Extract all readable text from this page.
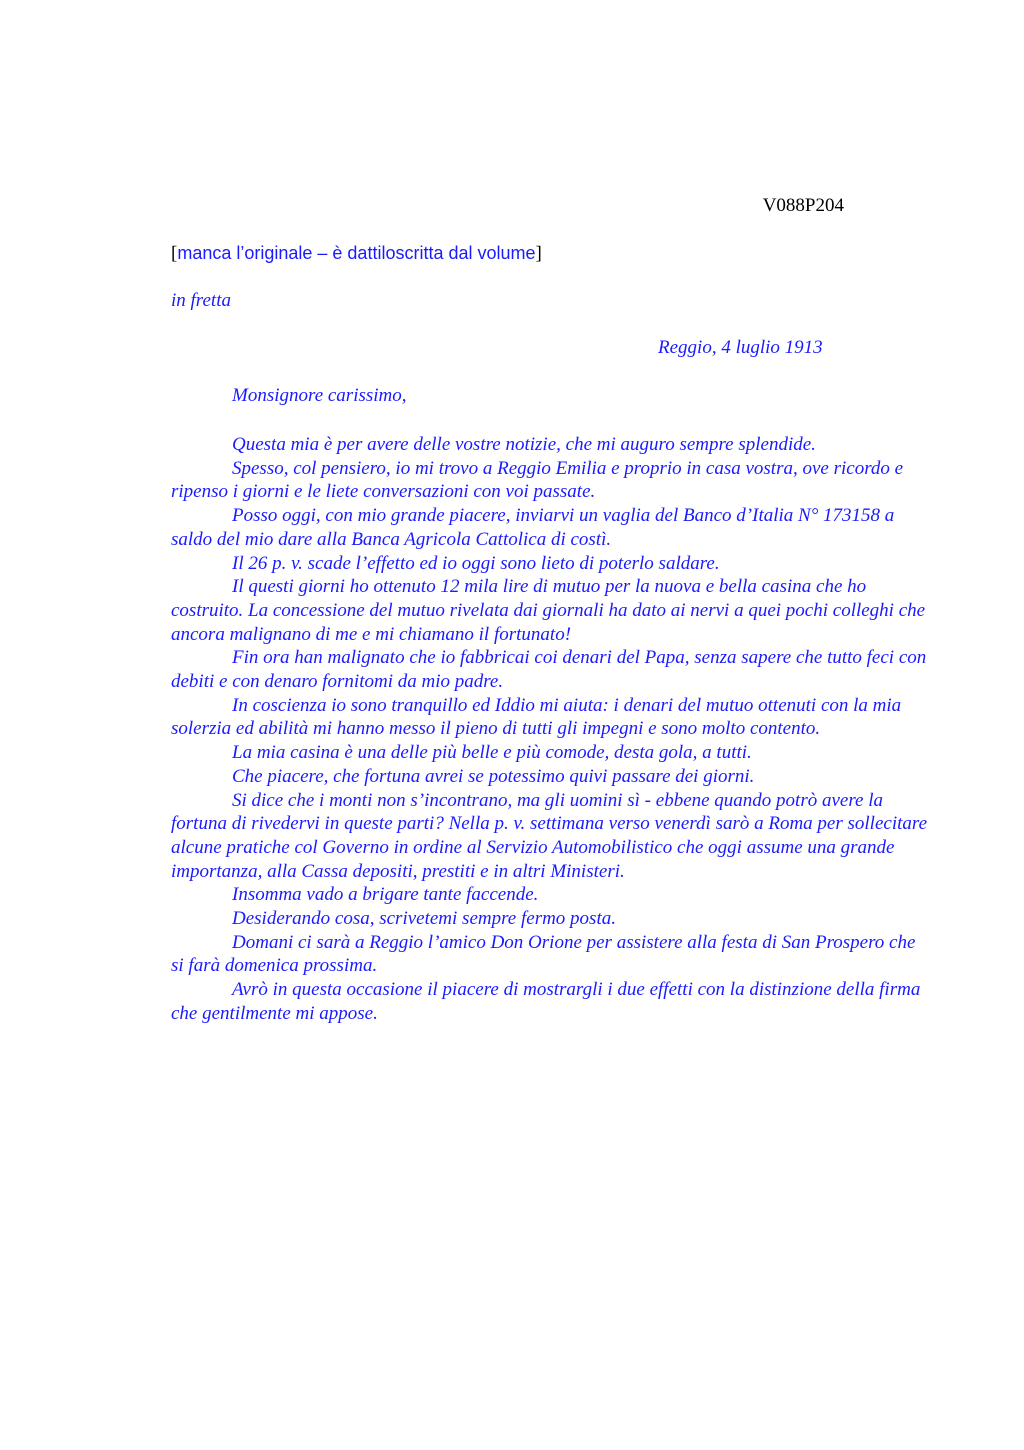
V088P204
[manca l’originale – è dattiloscritta dal volume]
in fretta
Reggio, 4 luglio 1913
Monsignore carissimo,

Questa mia è per avere delle vostre notizie, che mi auguro sempre splendide.

Spesso, col pensiero, io mi trovo a Reggio Emilia e proprio in casa vostra, ove ricordo e ripenso i giorni e le liete conversazioni con voi passate.

Posso oggi, con mio grande piacere, inviarvi un vaglia del Banco d’Italia N° 173158 a saldo del mio dare alla Banca Agricola Cattolica di costì.

Il 26 p. v. scade l’effetto ed io oggi sono lieto di poterlo saldare.

Il questi giorni ho ottenuto 12 mila lire di mutuo per la nuova e bella casina che ho costruito. La concessione del mutuo rivelata dai giornali ha dato ai nervi a quei pochi colleghi che ancora malignano di me e mi chiamano il fortunato!

Fin ora han malignato che io fabbricai coi denari del Papa, senza sapere che tutto feci con debiti e con denaro fornitomi da mio padre.

In coscienza io sono tranquillo ed Iddio mi aiuta: i denari del mutuo ottenuti con la mia solerzia ed abilità mi hanno messo il pieno di tutti gli impegni e sono molto contento.

La mia casina è una delle più belle e più comode, desta gola, a tutti.

Che piacere, che fortuna avrei se potessimo quivi passare dei giorni.

Si dice che i monti non s’incontrano, ma gli uomini sì - ebbene quando potrò avere la fortuna di rivedervi in queste parti? Nella p. v. settimana verso venerdì sarò a Roma per sollecitare alcune pratiche col Governo in ordine al Servizio Automobilistico che oggi assume una grande importanza, alla Cassa depositi, prestiti e in altri Ministeri.

Insomma vado a brigare tante faccende.

Desiderando cosa, scrivetemi sempre fermo posta.

Domani ci sarà a Reggio l’amico Don Orione per assistere alla festa di San Prospero che si farà domenica prossima.

Avrò in questa occasione il piacere di mostrargli i due effetti con la distinzione della firma che gentilmente mi appose.
